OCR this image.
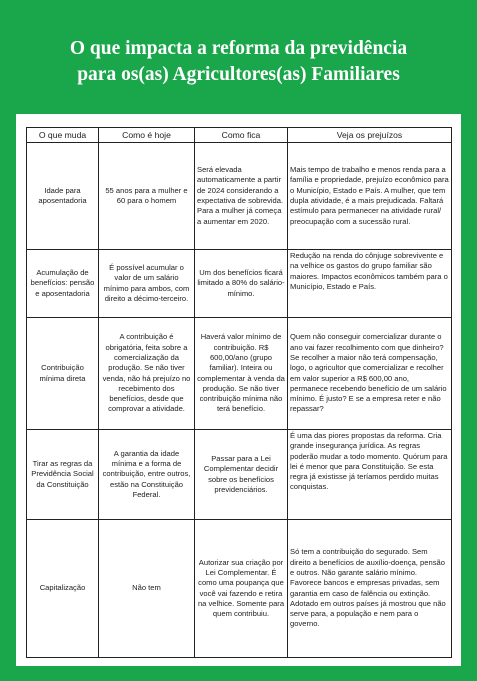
O que impacta a reforma da previdência
para os(as) Agricultores(as) Familiares
O que muda	Como é hoje	Como fica	Veja os prejuízos
Idade para aposentadoria	55 anos para a mulher e 60 para o homem	Será elevada automaticamente a partir de 2024 considerando a expectativa de sobrevida. Para a mulher já começa a aumentar em 2020.	Mais tempo de trabalho e menos renda para a família e propriedade, prejuízo econômico para o Município, Estado e País. A mulher, que tem dupla atividade, é a mais prejudicada. Faltará estímulo para permanecer na atividade rural/ preocupação com a sucessão rural.
Acumulação de benefícios: pensão e aposentadoria	É possível acumular o valor de um salário mínimo para ambos, com direito a décimo-terceiro.	Um dos benefícios ficará limitado a 80% do salário-mínimo.	Redução na renda do cônjuge sobrevivente e na velhice os gastos do grupo familiar são maiores. Impactos econômicos também para o Município, Estado e País.
Contribuição mínima direta	A contribuição é obrigatória, feita sobre a comercialização da produção. Se não tiver venda, não há prejuízo no recebimento dos benefícios, desde que comprovar a atividade.	Haverá valor mínimo de contribuição. R$ 600,00/ano (grupo familiar). Inteira ou complementar à venda da produção. Se não tiver contribuição mínima não terá benefício.	Quem não conseguir comercializar durante o ano vai fazer recolhimento com que dinheiro? Se recolher a maior não terá compensação, logo, o agricultor que comercializar e recolher em valor superior a R$ 600,00 ano, permanece recebendo benefício de um salário mínimo. É justo? E se a empresa reter e não repassar?
Tirar as regras da Previdência Social da Constituição	A garantia da idade mínima e a forma de contribuição, entre outros, estão na Constituição Federal.	Passar para a Lei Complementar decidir sobre os benefícios previdenciários.	É uma das piores propostas da reforma. Cria grande insegurança jurídica. As regras poderão mudar a todo momento. Quórum para lei é menor que para Constituição. Se esta regra já existisse já teríamos perdido muitas conquistas.
Capitalização	Não tem	Autorizar sua criação por Lei Complementar. É como uma poupança que você vai fazendo e retira na velhice. Somente para quem contribuiu.	Só tem a contribuição do segurado. Sem direito a benefícios de auxílio-doença, pensão e outros. Não garante salário mínimo. Favorece bancos e empresas privadas, sem garantia em caso de falência ou extinção. Adotado em outros países já mostrou que não serve para, a população e nem para o governo.
